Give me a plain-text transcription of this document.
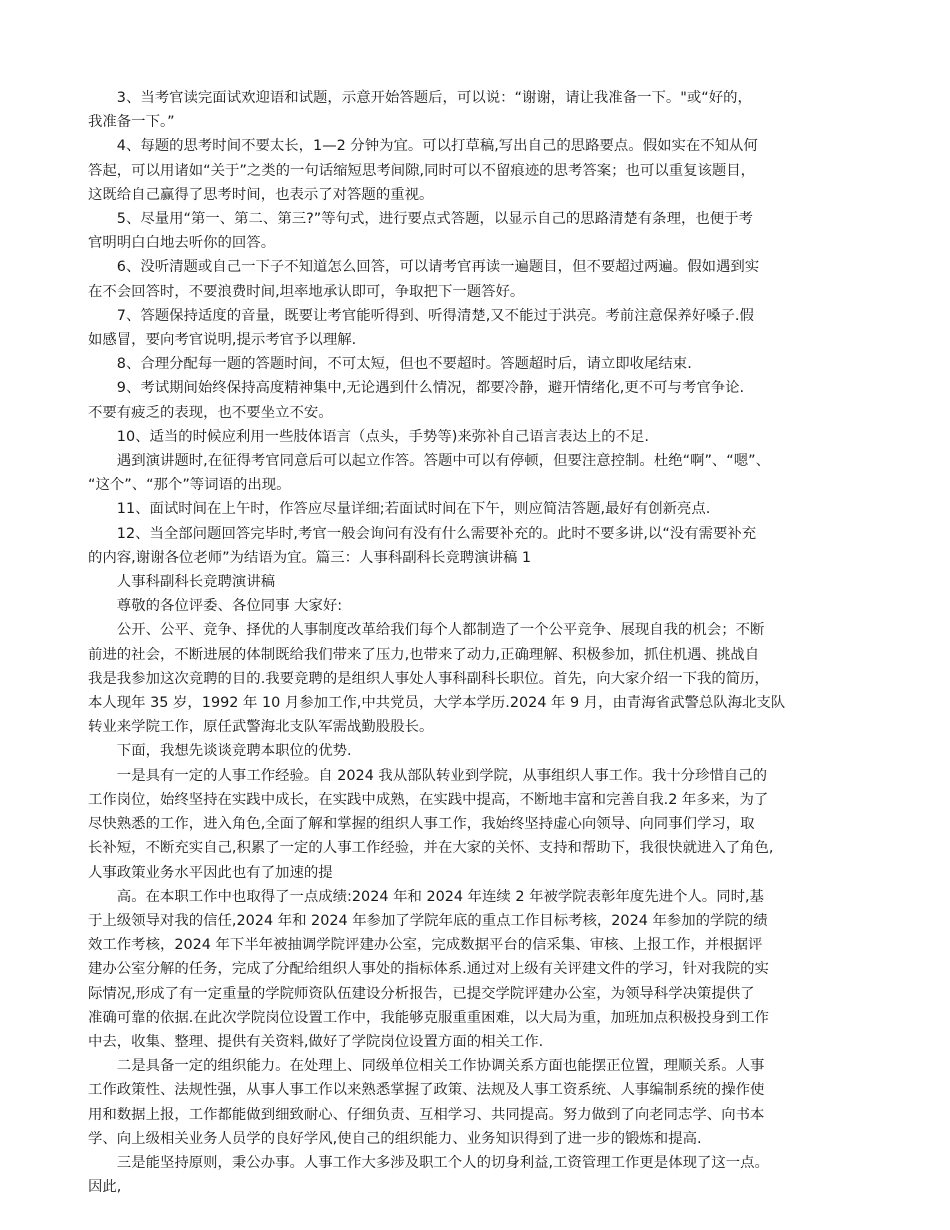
3、当考官读完面试欢迎语和试题，示意开始答题后，可以说：“谢谢，请让我准备一下。"或“好的，
我准备一下。”

4、每题的思考时间不要太长，1—2 分钟为宜。可以打草稿,写出自己的思路要点。假如实在不知从何
答起，可以用诸如“关于”之类的一句话缩短思考间隙,同时可以不留痕迹的思考答案；也可以重复该题目，
这既给自己赢得了思考时间，也表示了对答题的重视。

5、尽量用“第一、第二、第三?”等句式，进行要点式答题，以显示自己的思路清楚有条理，也便于考
官明明白白地去听你的回答。

6、没听清题或自己一下子不知道怎么回答，可以请考官再读一遍题目，但不要超过两遍。假如遇到实
在不会回答时，不要浪费时间,坦率地承认即可，争取把下一题答好。

7、答题保持适度的音量，既要让考官能听得到、听得清楚,又不能过于洪亮。考前注意保养好嗓子.假
如感冒，要向考官说明,提示考官予以理解.

8、合理分配每一题的答题时间，不可太短，但也不要超时。答题超时后，请立即收尾结束.

9、考试期间始终保持高度精神集中,无论遇到什么情况，都要冷静，避开情绪化,更不可与考官争论.
不要有疲乏的表现，也不要坐立不安。

10、适当的时候应利用一些肢体语言（点头，手势等)来弥补自己语言表达上的不足.

遇到演讲题时,在征得考官同意后可以起立作答。答题中可以有停顿，但要注意控制。杜绝“啊”、“嗯”、
“这个”、“那个”等词语的出现。

11、面试时间在上午时，作答应尽量详细;若面试时间在下午，则应简洁答题,最好有创新亮点.

12、当全部问题回答完毕时,考官一般会询问有没有什么需要补充的。此时不要多讲,以“没有需要补充
的内容,谢谢各位老师”为结语为宜。篇三：人事科副科长竞聘演讲稿 1

人事科副科长竞聘演讲稿

尊敬的各位评委、各位同事 大家好:

公开、公平、竞争、择优的人事制度改革给我们每个人都制造了一个公平竞争、展现自我的机会；不断
前进的社会，不断进展的体制既给我们带来了压力,也带来了动力,正确理解、积极参加，抓住机遇、挑战自
我是我参加这次竞聘的目的.我要竞聘的是组织人事处人事科副科长职位。首先，向大家介绍一下我的简历，
本人现年 35 岁，1992 年 10 月参加工作,中共党员，大学本学历.2024 年 9 月，由青海省武警总队海北支队
转业来学院工作，原任武警海北支队军需战勤股股长。

下面，我想先谈谈竞聘本职位的优势.

一是具有一定的人事工作经验。自 2024 我从部队转业到学院，从事组织人事工作。我十分珍惜自己的
工作岗位，始终坚持在实践中成长，在实践中成熟，在实践中提高，不断地丰富和完善自我.2 年多来，为了
尽快熟悉的工作，进入角色,全面了解和掌握的组织人事工作，我始终坚持虚心向领导、向同事们学习，取
长补短，不断充实自己,积累了一定的人事工作经验，并在大家的关怀、支持和帮助下，我很快就进入了角色,
人事政策业务水平因此也有了加速的提

高。在本职工作中也取得了一点成绩:2024 年和 2024 年连续 2 年被学院表彰年度先进个人。同时,基
于上级领导对我的信任,2024 年和 2024 年参加了学院年底的重点工作目标考核，2024 年参加的学院的绩
效工作考核，2024 年下半年被抽调学院评建办公室，完成数据平台的信采集、审核、上报工作，并根据评
建办公室分解的任务，完成了分配给组织人事处的指标体系.通过对上级有关评建文件的学习，针对我院的实
际情况,形成了有一定重量的学院师资队伍建设分析报告，已提交学院评建办公室，为领导科学决策提供了
准确可靠的依据.在此次学院岗位设置工作中，我能够克服重重困难，以大局为重，加班加点积极投身到工作
中去，收集、整理、提供有关资料,做好了学院岗位设置方面的相关工作.

二是具备一定的组织能力。在处理上、同级单位相关工作协调关系方面也能摆正位置，理顺关系。人事
工作政策性、法规性强，从事人事工作以来熟悉掌握了政策、法规及人事工资系统、人事编制系统的操作使
用和数据上报，工作都能做到细致耐心、仔细负责、互相学习、共同提高。努力做到了向老同志学、向书本
学、向上级相关业务人员学的良好学风,使自己的组织能力、业务知识得到了进一步的锻炼和提高.

三是能坚持原则，秉公办事。人事工作大多涉及职工个人的切身利益,工资管理工作更是体现了这一点。
因此,
